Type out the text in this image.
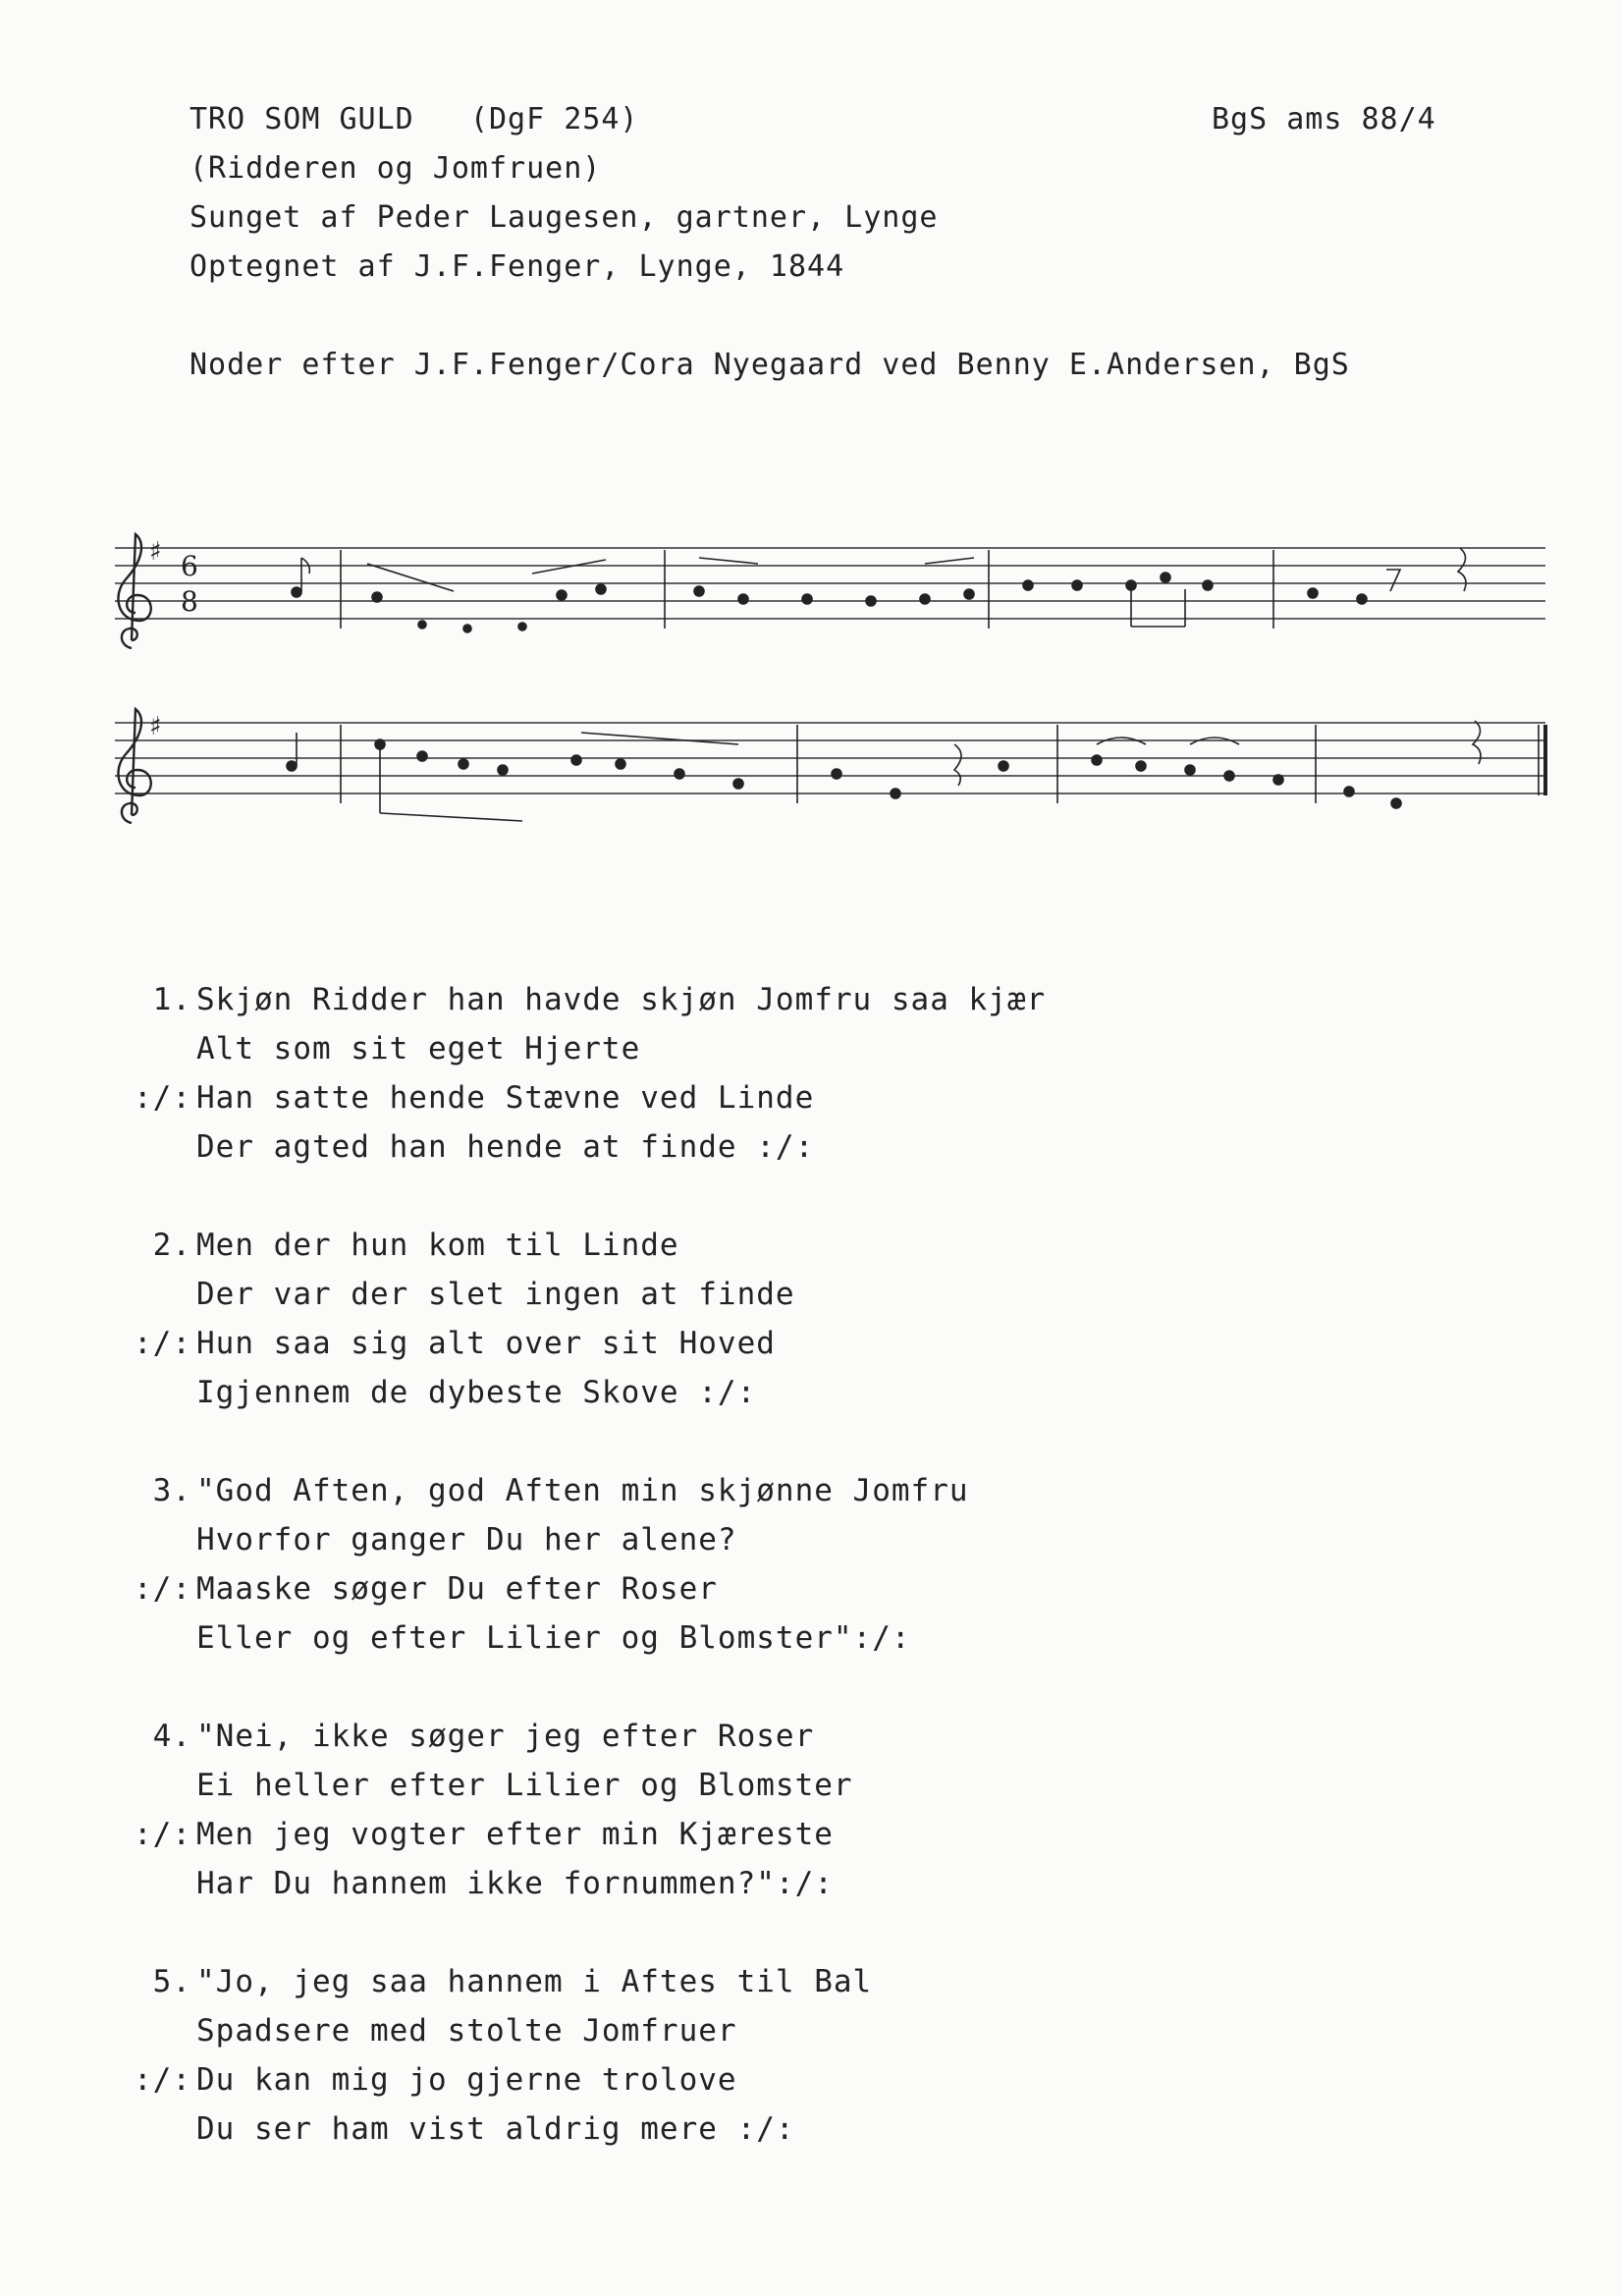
TRO SOM GULD   (DgF 254)	BgS ams 88/4
(Ridderen og Jomfruen)
Sunget af Peder Laugesen, gartner, Lynge
Optegnet af J.F.Fenger, Lynge, 1844
Noder efter J.F.Fenger/Cora Nyegaard ved Benny E.Andersen, BgS
♯ 6
8
♯
1. Skjøn Ridder han havde skjøn Jomfru saa kjær
Alt som sit eget Hjerte
:/: Han satte hende Stævne ved Linde
Der agted han hende at finde :/:
2. Men der hun kom til Linde
Der var der slet ingen at finde
:/: Hun saa sig alt over sit Hoved
Igjennem de dybeste Skove :/:
3. "God Aften, god Aften min skjønne Jomfru
Hvorfor ganger Du her alene?
:/: Maaske søger Du efter Roser
Eller og efter Lilier og Blomster":/:
4. "Nei, ikke søger jeg efter Roser
Ei heller efter Lilier og Blomster
:/: Men jeg vogter efter min Kjæreste
Har Du hannem ikke fornummen?":/:
5. "Jo, jeg saa hannem i Aftes til Bal
Spadsere med stolte Jomfruer
:/: Du kan mig jo gjerne trolove
Du ser ham vist aldrig mere :/:
